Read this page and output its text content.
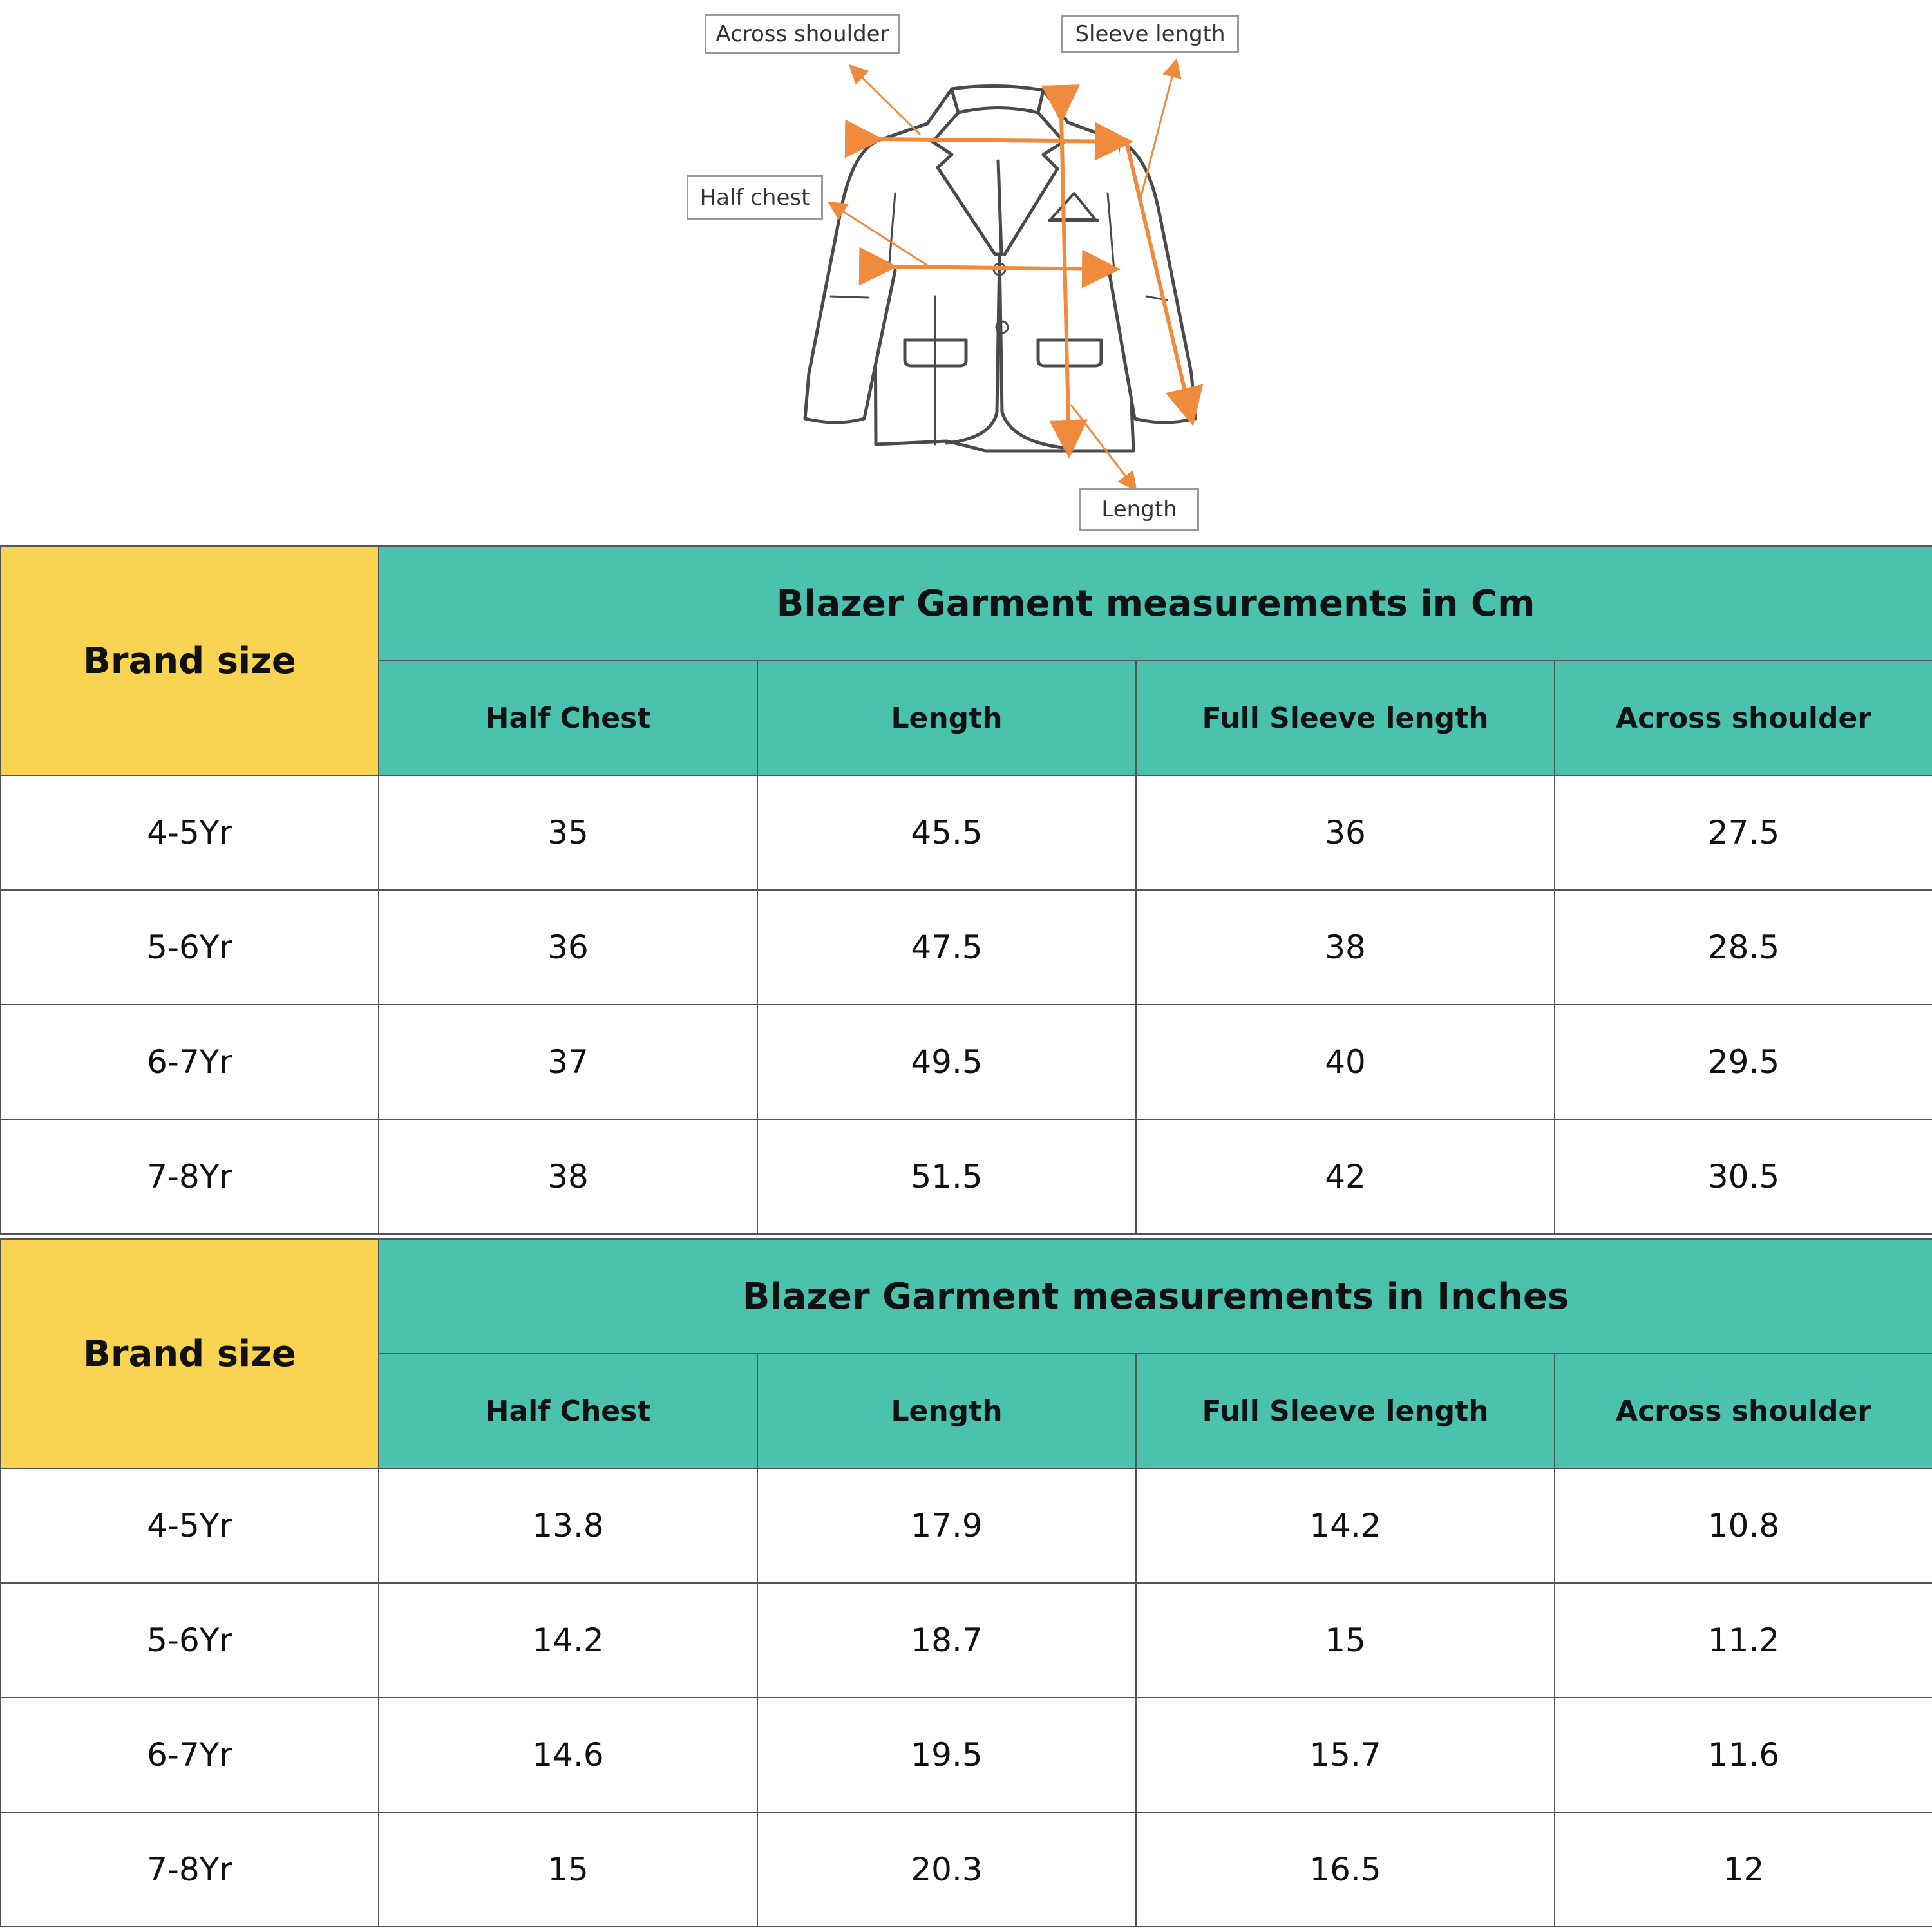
Across shoulder	Sleeve length
Half chest
Length
Brand size	Blazer Garment measurements in Cm			
	Half Chest	Length	Full Sleeve length	Across shoulder
4-5Yr	35	45.5	36	27.5
5-6Yr	36	47.5	38	28.5
6-7Yr	37	49.5	40	29.5
7-8Yr	38	51.5	42	30.5
Brand size	Blazer Garment measurements in Inches			
	Half Chest	Length	Full Sleeve length	Across shoulder
4-5Yr	13.8	17.9	14.2	10.8
5-6Yr	14.2	18.7	15	11.2
6-7Yr	14.6	19.5	15.7	11.6
7-8Yr	15	20.3	16.5	12
